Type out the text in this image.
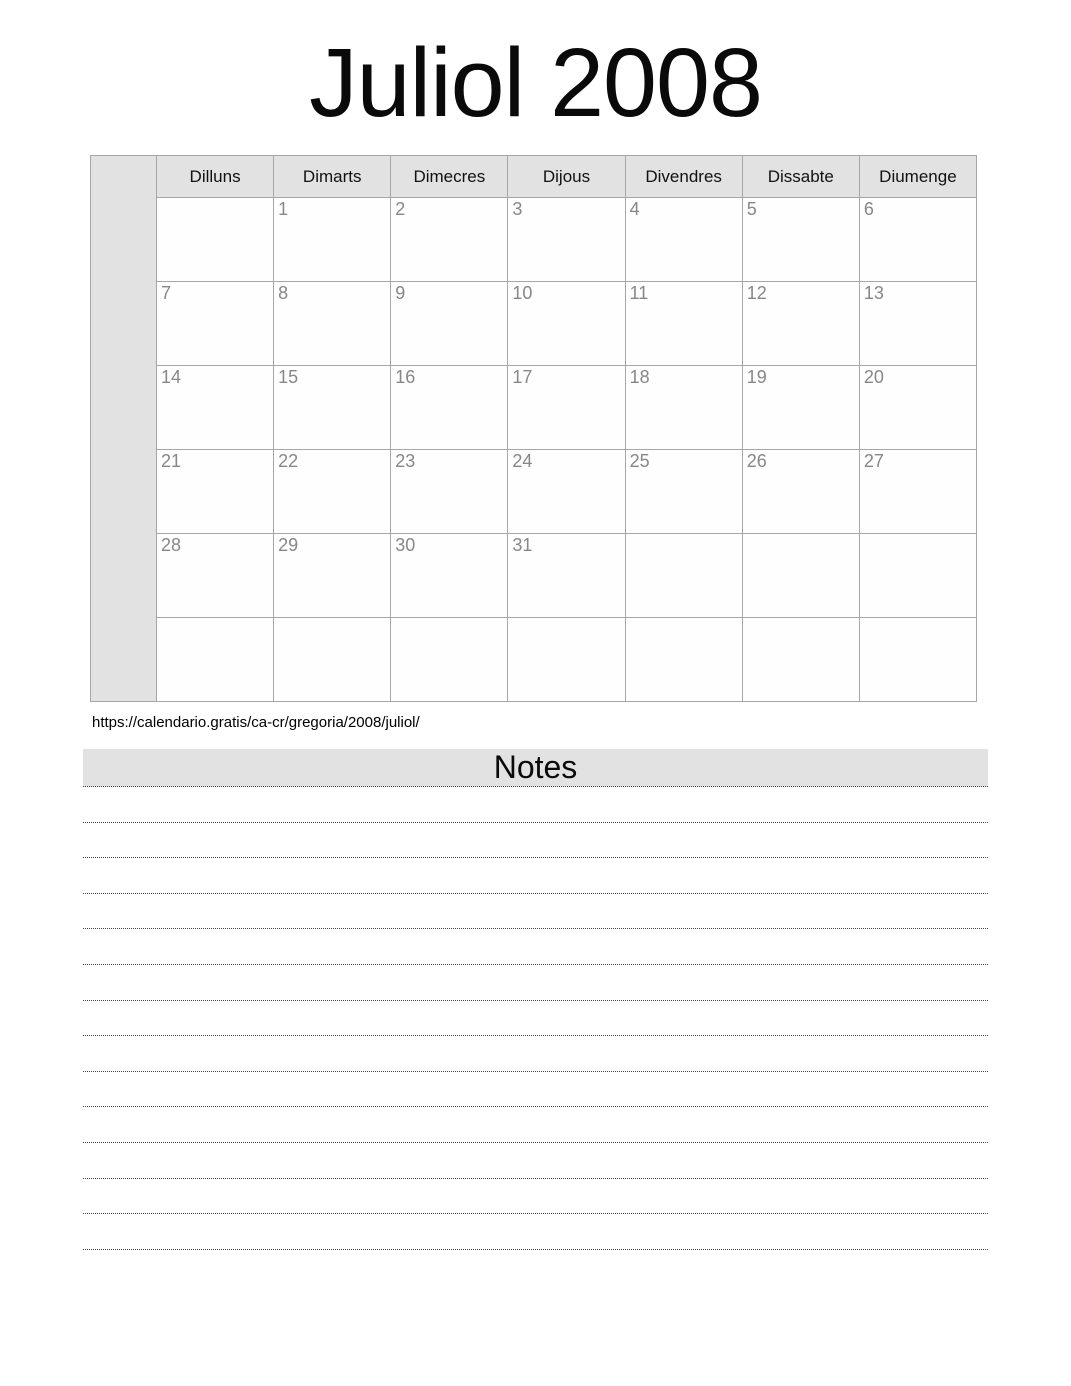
Juliol 2008
	Dilluns	Dimarts	Dimecres	Dijous	Divendres	Dissabte	Diumenge
		1	2	3	4	5	6
	7	8	9	10	11	12	13
	14	15	16	17	18	19	20
	21	22	23	24	25	26	27
	28	29	30	31			

https://calendario.gratis/ca-cr/gregoria/2008/juliol/
Notes
